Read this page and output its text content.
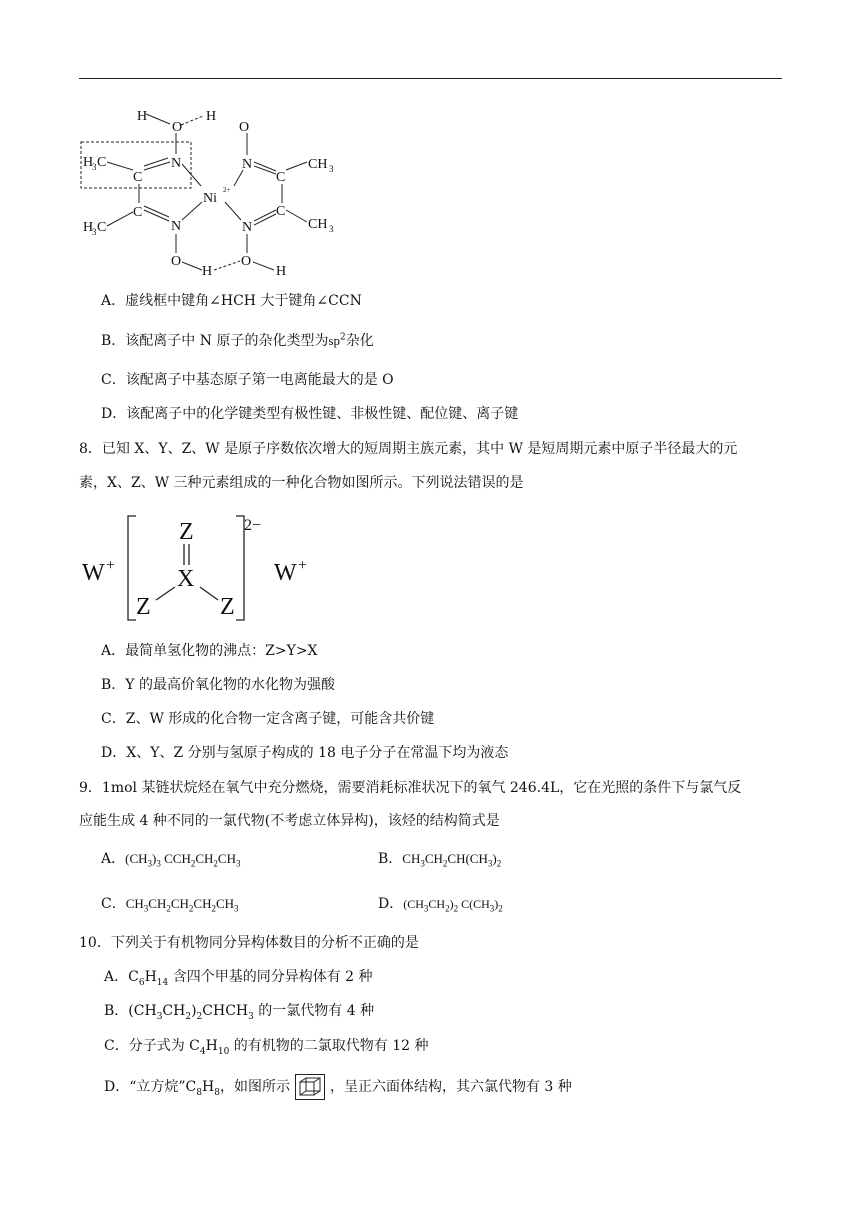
H
O
H
O
N	N
H
3 C
C	C
CH 3
Ni
2+
C	C
H
3 C	CH 3
N	N
O	O
H	H
A．虚线框中键角∠HCH 大于键角∠CCN
B．该配离子中 N 原子的杂化类型为$sp^2$杂化
C．该配离子中基态原子第一电离能最大的是 O
D．该配离子中的化学键类型有极性键、非极性键、配位键、离子键
8．已知 X、Y、Z、W 是原子序数依次增大的短周期主族元素，其中 W 是短周期元素中原子半径最大的元
素，X、Z、W 三种元素组成的一种化合物如图所示。下列说法错误的是
W +
Z
X
Z	Z
2−
W +
A．最简单氢化物的沸点：Z>Y>X
B．Y 的最高价氧化物的水化物为强酸
C．Z、W 形成的化合物一定含离子键，可能含共价键
D．X、Y、Z 分别与氢原子构成的 18 电子分子在常温下均为液态
9．1mol 某链状烷烃在氧气中充分燃烧，需要消耗标准状况下的氧气 246.4L，它在光照的条件下与氯气反
应能生成 4 种不同的一氯代物(不考虑立体异构)，该烃的结构简式是
A．$(CH_3)_3$ $CCH_2CH_2CH_3$	B．$CH_3CH_2CH(CH_3)_2$
C．$CH_3CH_2CH_2CH_2CH_3$	D．$(CH_3CH_2)_2$ $C(CH_3)_2$
10．下列关于有机物同分异构体数目的分析不正确的是
A．$C_6H_{14}$ 含四个甲基的同分异构体有 2 种
B．$(CH_3CH_2)_2CHCH_3$ 的一氯代物有 4 种
C．分子式为 $C_4H_{10}$ 的有机物的二氯取代物有 12 种
D．“立方烷$”C_8H_8$，如图所示	，呈正六面体结构，其六氯代物有 3 种
